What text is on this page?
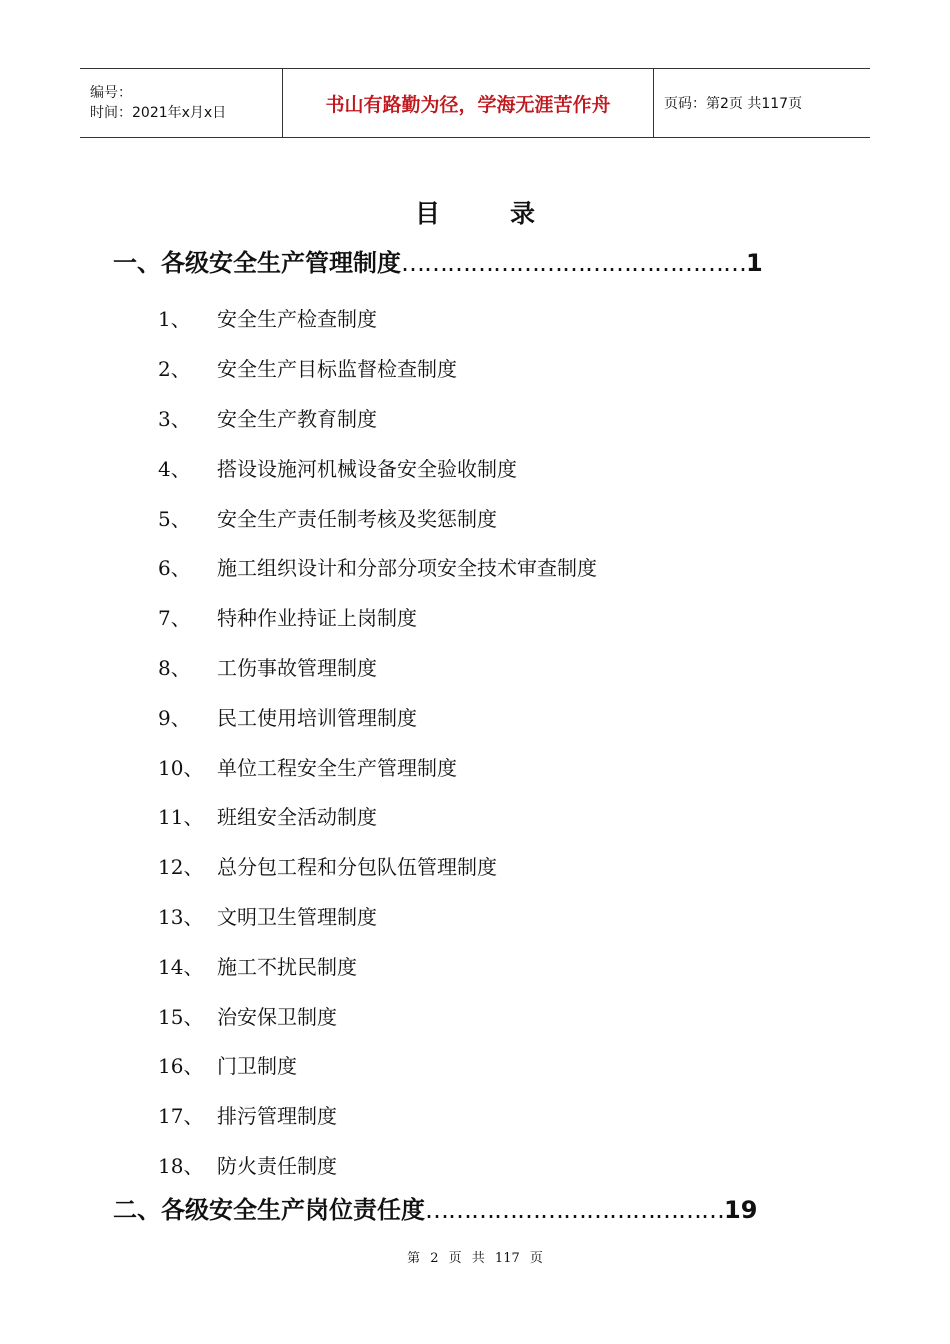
编号：
时间：2021年x月x日	书山有路勤为径，学海无涯苦作舟	页码：第2页 共117页
目录
一、各级安全生产管理制度 ……………………………………… 1
1、	安全生产检查制度
2、	安全生产目标监督检查制度
3、	安全生产教育制度
4、	搭设设施河机械设备安全验收制度
5、	安全生产责任制考核及奖惩制度
6、	施工组织设计和分部分项安全技术审查制度
7、	特种作业持证上岗制度
8、	工伤事故管理制度
9、	民工使用培训管理制度
10、 单位工程安全生产管理制度
11、 班组安全活动制度
12、 总分包工程和分包队伍管理制度
13、 文明卫生管理制度
14、 施工不扰民制度
15、 治安保卫制度
16、 门卫制度
17、 排污管理制度
18、 防火责任制度
二、各级安全生产岗位责任度 ………………………………… 19
第 2 页 共 117 页
